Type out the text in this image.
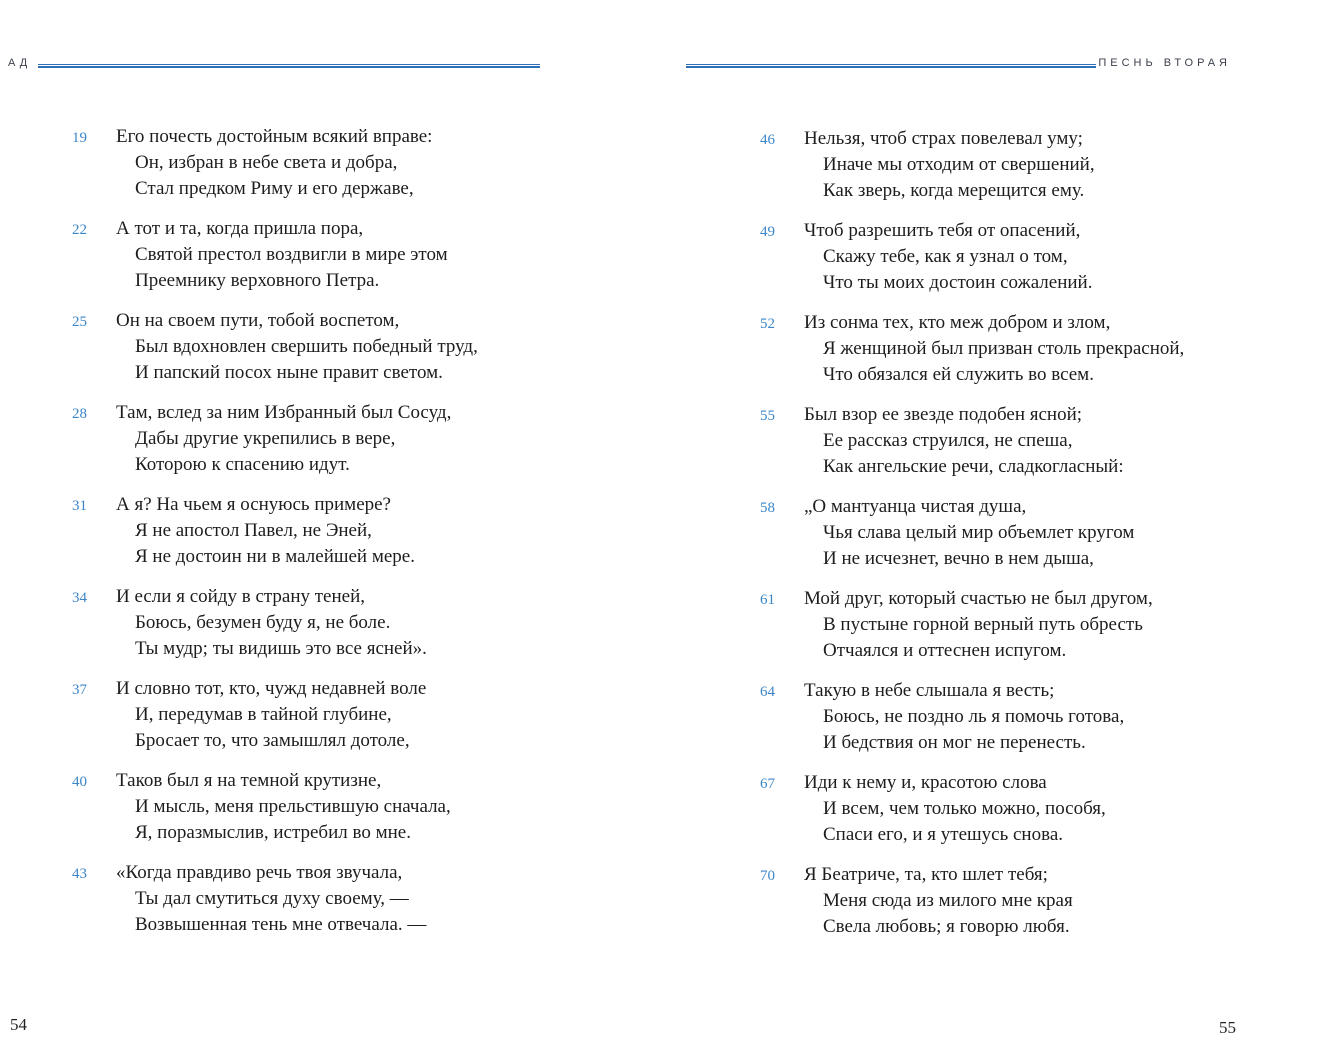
АД
19	Его почесть достойным всякий вправе:
Он, избран в небе света и добра,
Стал предком Риму и его державе,
22	А тот и та, когда пришла пора,
Святой престол воздвигли в мире этом
Преемнику верховного Петра.
25	Он на своем пути, тобой воспетом,
Был вдохновлен свершить победный труд,
И папский посох ныне правит светом.
28	Там, вслед за ним Избранный был Сосуд,
Дабы другие укрепились в вере,
Которою к спасению идут.
31	А я? На чьем я оснуюсь примере?
Я не апостол Павел, не Эней,
Я не достоин ни в малейшей мере.
34	И если я сойду в страну теней,
Боюсь, безумен буду я, не боле.
Ты мудр; ты видишь это все ясней».
37	И словно тот, кто, чужд недавней воле
И, передумав в тайной глубине,
Бросает то, что замышлял дотоле,
40	Таков был я на темной крутизне,
И мысль, меня прельстившую сначала,
Я, поразмыслив, истребил во мне.
43	«Когда правдиво речь твоя звучала,
Ты дал смутиться духу своему, —
Возвышенная тень мне отвечала. —
54
ПЕСНЬ ВТОРАЯ
46	Нельзя, чтоб страх повелевал уму;
Иначе мы отходим от свершений,
Как зверь, когда мерещится ему.
49	Чтоб разрешить тебя от опасений,
Скажу тебе, как я узнал о том,
Что ты моих достоин сожалений.
52	Из сонма тех, кто меж добром и злом,
Я женщиной был призван столь прекрасной,
Что обязался ей служить во всем.
55	Был взор ее звезде подобен ясной;
Ее рассказ струился, не спеша,
Как ангельские речи, сладкогласный:
58	„О мантуанца чистая душа,
Чья слава целый мир объемлет кругом
И не исчезнет, вечно в нем дыша,
61	Мой друг, который счастью не был другом,
В пустыне горной верный путь обресть
Отчаялся и оттеснен испугом.
64	Такую в небе слышала я весть;
Боюсь, не поздно ль я помочь готова,
И бедствия он мог не перенесть.
67	Иди к нему и, красотою слова
И всем, чем только можно, пособя,
Спаси его, и я утешусь снова.
70	Я Беатриче, та, кто шлет тебя;
Меня сюда из милого мне края
Свела любовь; я говорю любя.
55
